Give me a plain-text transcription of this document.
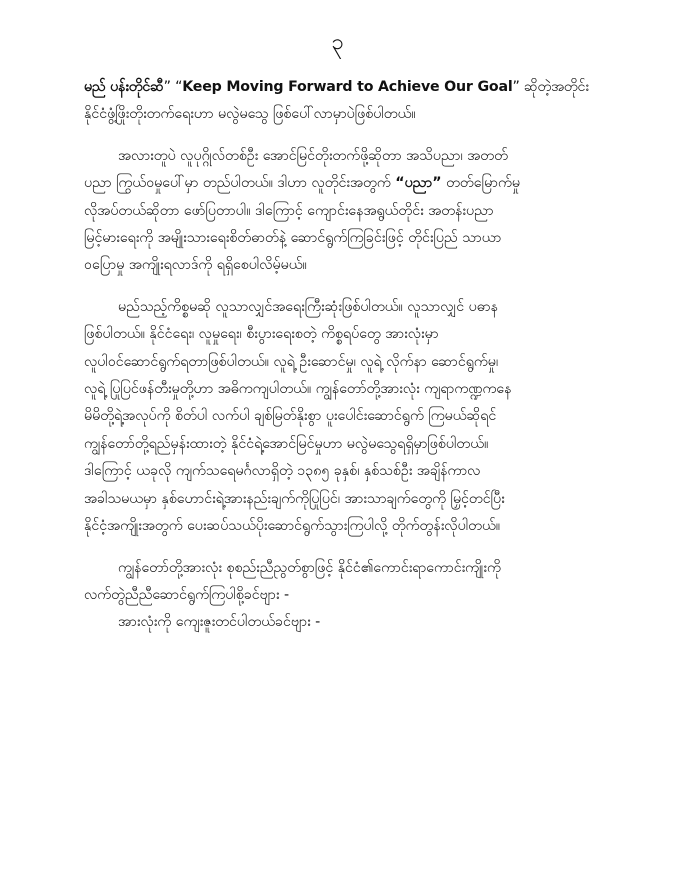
၃

မည် ပန်းတိုင်ဆီ” “Keep Moving Forward to Achieve Our Goal” ဆိုတဲ့အတိုင်း
နိုင်ငံဖွံ့ဖြိုးတိုးတက်ရေးဟာ မလွဲမသွေ ဖြစ်ပေါ်လာမှာပဲဖြစ်ပါတယ်။

အလားတူပဲ လူပုဂ္ဂိုလ်တစ်ဦး အောင်မြင်တိုးတက်ဖို့ဆိုတာ အသိပညာ၊ အတတ်
ပညာ ကြွယ်ဝမှုပေါ်မှာ တည်ပါတယ်။ ဒါဟာ လူတိုင်းအတွက် “ပညာ” တတ်မြောက်မှု
လိုအပ်တယ်ဆိုတာ ဖော်ပြတာပါ။ ဒါကြောင့် ကျောင်းနေအရွယ်တိုင်း အတန်းပညာ
မြင့်မားရေးကို အမျိုးသားရေးစိတ်ဓာတ်နဲ့ ဆောင်ရွက်ကြခြင်းဖြင့် တိုင်းပြည် သာယာ
ဝပြောမှု အကျိုးရလာဒ်ကို ရရှိစေပါလိမ့်မယ်။

မည်သည့်ကိစ္စမဆို လူသာလျှင်အရေးကြီးဆုံးဖြစ်ပါတယ်။ လူသာလျှင် ပဓာန
ဖြစ်ပါတယ်။ နိုင်ငံရေး၊ လူမှုရေး၊ စီးပွားရေးစတဲ့ ကိစ္စရပ်တွေ အားလုံးမှာ
လူပါဝင်ဆောင်ရွက်ရတာဖြစ်ပါတယ်။ လူရဲ့ ဦးဆောင်မှု၊ လူရဲ့ လိုက်နာ ဆောင်ရွက်မှု၊
လူရဲ့ ပြုပြင်ဖန်တီးမှုတို့ဟာ အဓိကကျပါတယ်။ ကျွန်တော်တို့အားလုံး ကျရာကဏ္ဍကနေ
မိမိတို့ရဲ့အလုပ်ကို စိတ်ပါ လက်ပါ ချစ်မြတ်နိုးစွာ ပူးပေါင်းဆောင်ရွက် ကြမယ်ဆိုရင်
ကျွန်တော်တို့ရည်မှန်းထားတဲ့ နိုင်ငံရဲ့အောင်မြင်မှုဟာ မလွဲမသွေရရှိမှာဖြစ်ပါတယ်။
ဒါကြောင့် ယခုလို ကျက်သရေမင်္ဂလာရှိတဲ့ ၁၃၈၅ ခုနှစ်၊ နှစ်သစ်ဦး အချိန်ကာလ
အခါသမယမှာ နှစ်ဟောင်းရဲ့အားနည်းချက်ကိုပြုပြင်၊ အားသာချက်တွေကို မြှင့်တင်ပြီး
နိုင်ငံ့အကျိုးအတွက် ပေးဆပ်သယ်ပိုးဆောင်ရွက်သွားကြပါလို့ တိုက်တွန်းလိုပါတယ်။

ကျွန်တော်တို့အားလုံး စုစည်းညီညွတ်စွာဖြင့် နိုင်ငံ၏ကောင်းရာကောင်းကျိုးကို
လက်တွဲညီညီဆောင်ရွက်ကြပါစို့ခင်ဗျား -
အားလုံးကို ကျေးဇူးတင်ပါတယ်ခင်ဗျား -
